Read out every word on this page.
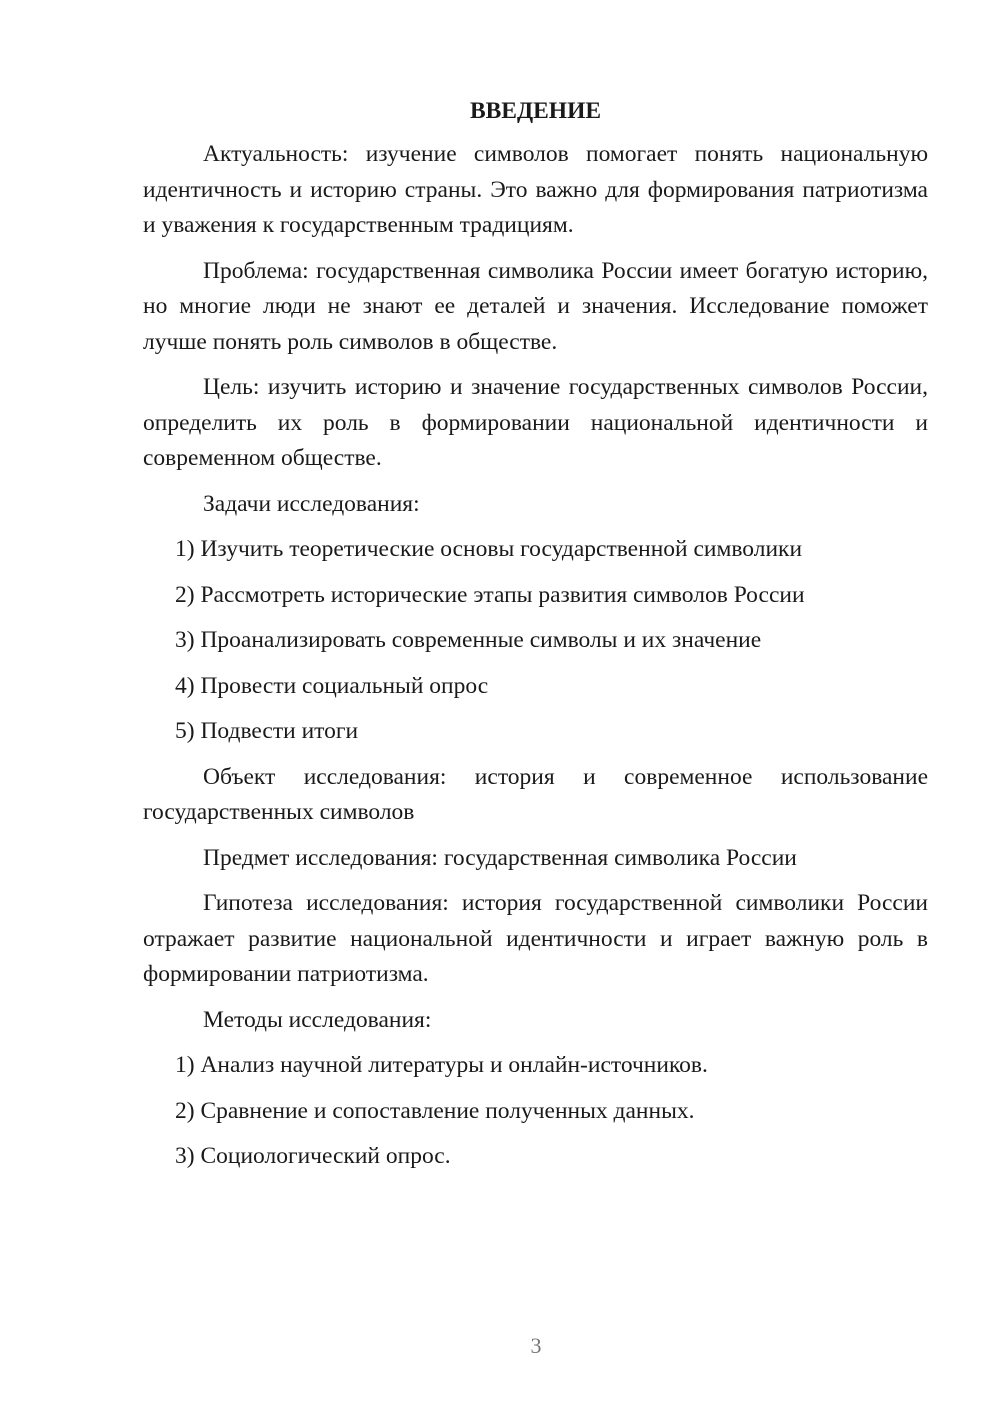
ВВЕДЕНИЕ

Актуальность: изучение символов помогает понять национальную идентичность и историю страны. Это важно для формирования патриотизма и уважения к государственным традициям.

Проблема: государственная символика России имеет богатую историю, но многие люди не знают ее деталей и значения. Исследование поможет лучше понять роль символов в обществе.

Цель: изучить историю и значение государственных символов России, определить их роль в формировании национальной идентичности и современном обществе.

Задачи исследования:

1) Изучить теоретические основы государственной символики

2) Рассмотреть исторические этапы развития символов России

3) Проанализировать современные символы и их значение

4) Провести социальный опрос

5) Подвести итоги

Объект исследования: история и современное использование государственных символов

Предмет исследования: государственная символика России

Гипотеза исследования: история государственной символики России отражает развитие национальной идентичности и играет важную роль в формировании патриотизма.

Методы исследования:

1) Анализ научной литературы и онлайн-источников.

2) Сравнение и сопоставление полученных данных.

3) Социологический опрос.

3
